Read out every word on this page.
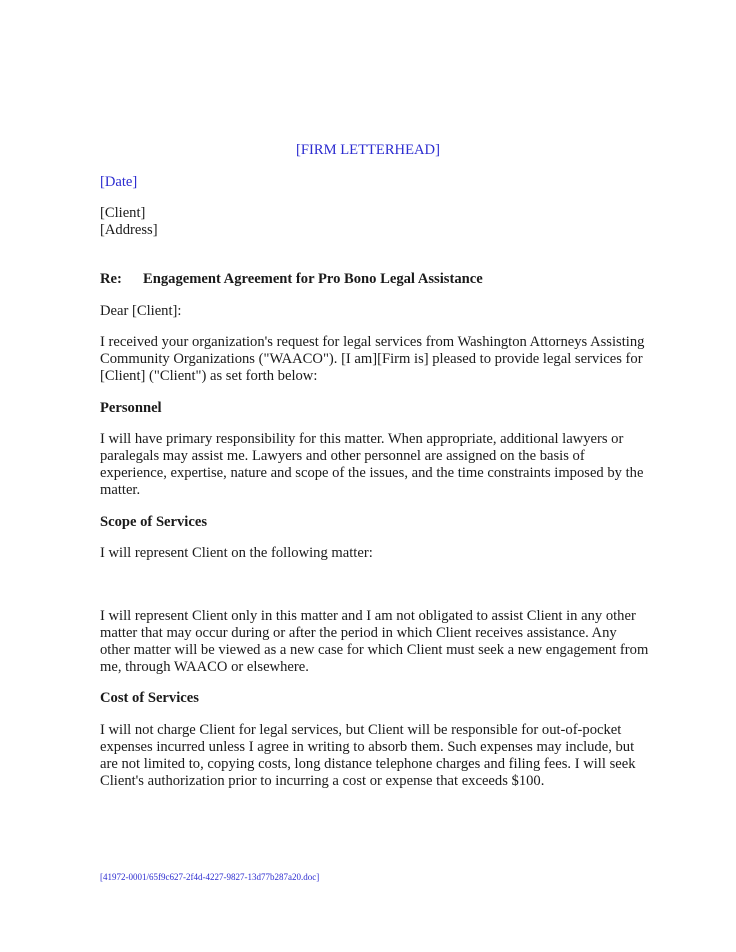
[FIRM LETTERHEAD]

[Date]

[Client]
[Address]
Re: Engagement Agreement for Pro Bono Legal Assistance

Dear [Client]:

I received your organization's request for legal services from Washington Attorneys Assisting
Community Organizations ("WAACO"). [I am][Firm is] pleased to provide legal services for
[Client] ("Client") as set forth below:

Personnel

I will have primary responsibility for this matter. When appropriate, additional lawyers or
paralegals may assist me. Lawyers and other personnel are assigned on the basis of
experience, expertise, nature and scope of the issues, and the time constraints imposed by the
matter.

Scope of Services

I will represent Client on the following matter:

I will represent Client only in this matter and I am not obligated to assist Client in any other
matter that may occur during or after the period in which Client receives assistance. Any
other matter will be viewed as a new case for which Client must seek a new engagement from
me, through WAACO or elsewhere.

Cost of Services

I will not charge Client for legal services, but Client will be responsible for out-of-pocket
expenses incurred unless I agree in writing to absorb them. Such expenses may include, but
are not limited to, copying costs, long distance telephone charges and filing fees. I will seek
Client's authorization prior to incurring a cost or expense that exceeds $100.
[41972-0001/65f9c627-2f4d-4227-9827-13d77b287a20.doc]
